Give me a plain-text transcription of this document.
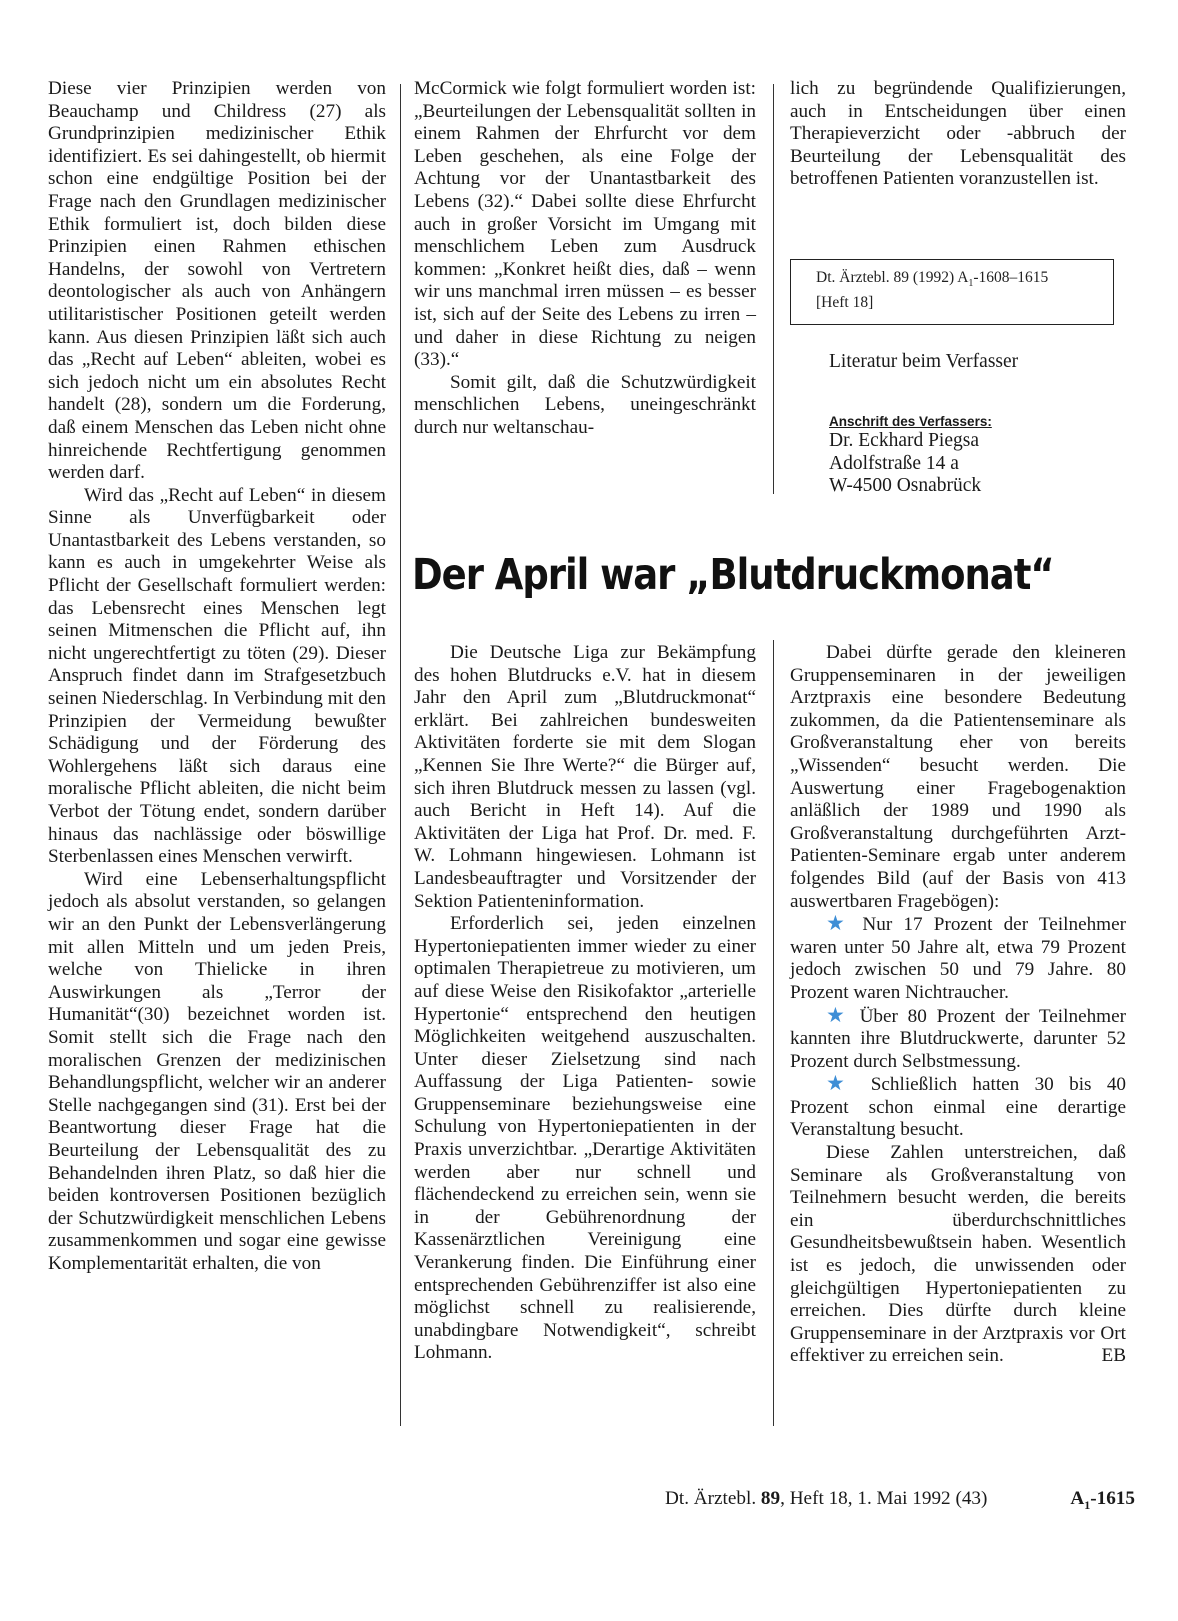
Diese vier Prinzipien werden von Beauchamp und Childress (27) als Grundprinzipien medizinischer Ethik identifiziert. Es sei dahingestellt, ob hiermit schon eine endgültige Position bei der Frage nach den Grundlagen medizinischer Ethik formuliert ist, doch bilden diese Prinzipien einen Rahmen ethischen Handelns, der sowohl von Vertretern deontologischer als auch von Anhängern utilitaristischer Positionen geteilt werden kann. Aus diesen Prinzipien läßt sich auch das „Recht auf Leben“ ableiten, wobei es sich jedoch nicht um ein absolutes Recht handelt (28), sondern um die Forderung, daß einem Menschen das Leben nicht ohne hinreichende Rechtfertigung genommen werden darf.

Wird das „Recht auf Leben“ in diesem Sinne als Unverfügbarkeit oder Unantastbarkeit des Lebens verstanden, so kann es auch in umgekehrter Weise als Pflicht der Gesellschaft formuliert werden: das Lebensrecht eines Menschen legt seinen Mitmenschen die Pflicht auf, ihn nicht ungerechtfertigt zu töten (29). Dieser Anspruch findet dann im Strafgesetzbuch seinen Niederschlag. In Verbindung mit den Prinzipien der Vermeidung bewußter Schädigung und der Förderung des Wohlergehens läßt sich daraus eine moralische Pflicht ableiten, die nicht beim Verbot der Tötung endet, sondern darüber hinaus das nachlässige oder böswillige Sterbenlassen eines Menschen verwirft.

Wird eine Lebenserhaltungspflicht jedoch als absolut verstanden, so gelangen wir an den Punkt der Lebensverlängerung mit allen Mitteln und um jeden Preis, welche von Thielicke in ihren Auswirkungen als „Terror der Humanität“(30) bezeichnet worden ist. Somit stellt sich die Frage nach den moralischen Grenzen der medizinischen Behandlungspflicht, welcher wir an anderer Stelle nachgegangen sind (31). Erst bei der Beantwortung dieser Frage hat die Beurteilung der Lebensqualität des zu Behandelnden ihren Platz, so daß hier die beiden kontroversen Positionen bezüglich der Schutzwürdigkeit menschlichen Lebens zusammenkommen und sogar eine gewisse Komplementarität erhalten, die von

McCormick wie folgt formuliert worden ist: „Beurteilungen der Lebensqualität sollten in einem Rahmen der Ehrfurcht vor dem Leben geschehen, als eine Folge der Achtung vor der Unantastbarkeit des Lebens (32).“ Dabei sollte diese Ehrfurcht auch in großer Vorsicht im Umgang mit menschlichem Leben zum Ausdruck kommen: „Konkret heißt dies, daß – wenn wir uns manchmal irren müssen – es besser ist, sich auf der Seite des Lebens zu irren – und daher in diese Richtung zu neigen (33).“

Somit gilt, daß die Schutzwürdigkeit menschlichen Lebens, uneingeschränkt durch nur weltanschau-

lich zu begründende Qualifizierungen, auch in Entscheidungen über einen Therapieverzicht oder -abbruch der Beurteilung der Lebensqualität des betroffenen Patienten voranzustellen ist.

Dt. Ärztebl. 89 (1992) $A_1-1608-1615$
[Heft 18]
Literatur beim Verfasser
Anschrift des Verfassers:
Dr. Eckhard Piegsa
Adolfstraße 14 a
W-4500 Osnabrück
Der April war „Blutdruckmonat“

Die Deutsche Liga zur Bekämpfung des hohen Blutdrucks e.V. hat in diesem Jahr den April zum „Blutdruckmonat“ erklärt. Bei zahlreichen bundesweiten Aktivitäten forderte sie mit dem Slogan „Kennen Sie Ihre Werte?“ die Bürger auf, sich ihren Blutdruck messen zu lassen (vgl. auch Bericht in Heft 14). Auf die Aktivitäten der Liga hat Prof. Dr. med. F. W. Lohmann hingewiesen. Lohmann ist Landesbeauftragter und Vorsitzender der Sektion Patienteninformation.

Erforderlich sei, jeden einzelnen Hypertoniepatienten immer wieder zu einer optimalen Therapietreue zu motivieren, um auf diese Weise den Risikofaktor „arterielle Hypertonie“ entsprechend den heutigen Möglichkeiten weitgehend auszuschalten. Unter dieser Zielsetzung sind nach Auffassung der Liga Patienten- sowie Gruppenseminare beziehungsweise eine Schulung von Hypertoniepatienten in der Praxis unverzichtbar. „Derartige Aktivitäten werden aber nur schnell und flächendeckend zu erreichen sein, wenn sie in der Gebührenordnung der Kassenärztlichen Vereinigung eine Verankerung finden. Die Einführung einer entsprechenden Gebührenziffer ist also eine möglichst schnell zu realisierende, unabdingbare Notwendigkeit“, schreibt Lohmann.

Dabei dürfte gerade den kleineren Gruppenseminaren in der jeweiligen Arztpraxis eine besondere Bedeutung zukommen, da die Patientenseminare als Großveranstaltung eher von bereits „Wissenden“ besucht werden. Die Auswertung einer Fragebogenaktion anläßlich der 1989 und 1990 als Großveranstaltung durchgeführten Arzt-Patienten-Seminare ergab unter anderem folgendes Bild (auf der Basis von 413 auswertbaren Fragebögen):

★ Nur 17 Prozent der Teilnehmer waren unter 50 Jahre alt, etwa 79 Prozent jedoch zwischen 50 und 79 Jahre. 80 Prozent waren Nichtraucher.

★ Über 80 Prozent der Teilnehmer kannten ihre Blutdruckwerte, darunter 52 Prozent durch Selbstmessung.

★ Schließlich hatten 30 bis 40 Prozent schon einmal eine derartige Veranstaltung besucht.

Diese Zahlen unterstreichen, daß Seminare als Großveranstaltung von Teilnehmern besucht werden, die bereits ein überdurchschnittliches Gesundheitsbewußtsein haben. Wesentlich ist es jedoch, die unwissenden oder gleichgültigen Hypertoniepatienten zu erreichen. Dies dürfte durch kleine Gruppenseminare in der Arztpraxis vor Ort effektiver zu erreichen sein.	EB

Dt. Ärztebl. 89, Heft 18, 1. Mai 1992 (43)	$A_1-1615$
